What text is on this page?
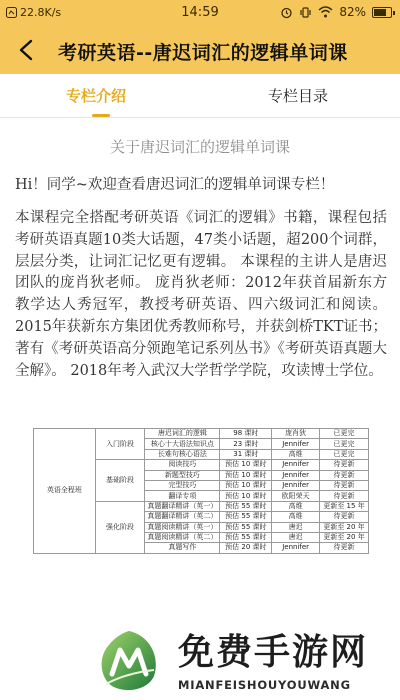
22.8K/s	14:59	82%
考研英语--唐迟词汇的逻辑单词课
专栏介绍	专栏目录
关于唐迟词汇的逻辑单词课
Hi！同学~欢迎查看唐迟词汇的逻辑单词课专栏！
本课程完全搭配考研英语《词汇的逻辑》书籍，课程包括考研英语真题10类大话题，47类小话题，超200个词群，层层分类，让词汇记忆更有逻辑。 本课程的主讲人是唐迟团队的庞肖狄老师。 庞肖狄老师：2012年获首届新东方教学达人秀冠军，教授考研英语、四六级词汇和阅读。2015年获新东方集团优秀教师称号，并获剑桥TKT证书；著有《考研英语高分领跑笔记系列丛书》《考研英语真题大全解》。 2018年考入武汉大学哲学学院，攻读博士学位。
英语全程班	入门阶段	唐迟词汇的逻辑	98 课时	庞肖狄	已更完
		核心十大语法知识点	23 课时	Jennifer	已更完
		长难句核心语法	31 课时	高维	已更完
	基础阶段	阅读技巧	预估 10 课时	Jennifer	待更新
		新题型技巧	预估 10 课时	Jennifer	待更新
		完型技巧	预估 10 课时	Jennifer	待更新
		翻译专项	预估 10 课时	欧阳荣天	待更新
	强化阶段	真题翻译精讲（英一）	预估 55 课时	高维	更新至 15 年
		真题翻译精讲（英二）	预估 55 课时	高维	待更新
		真题阅读精讲（英一）	预估 55 课时	唐迟	更新至 20 年
		真题阅读精讲（英二）	预估 55 课时	唐迟	更新至 20 年
		真题写作	预估 20 课时	Jennifer	待更新
免费手游网
MIANFEISHOUYOUWANG
